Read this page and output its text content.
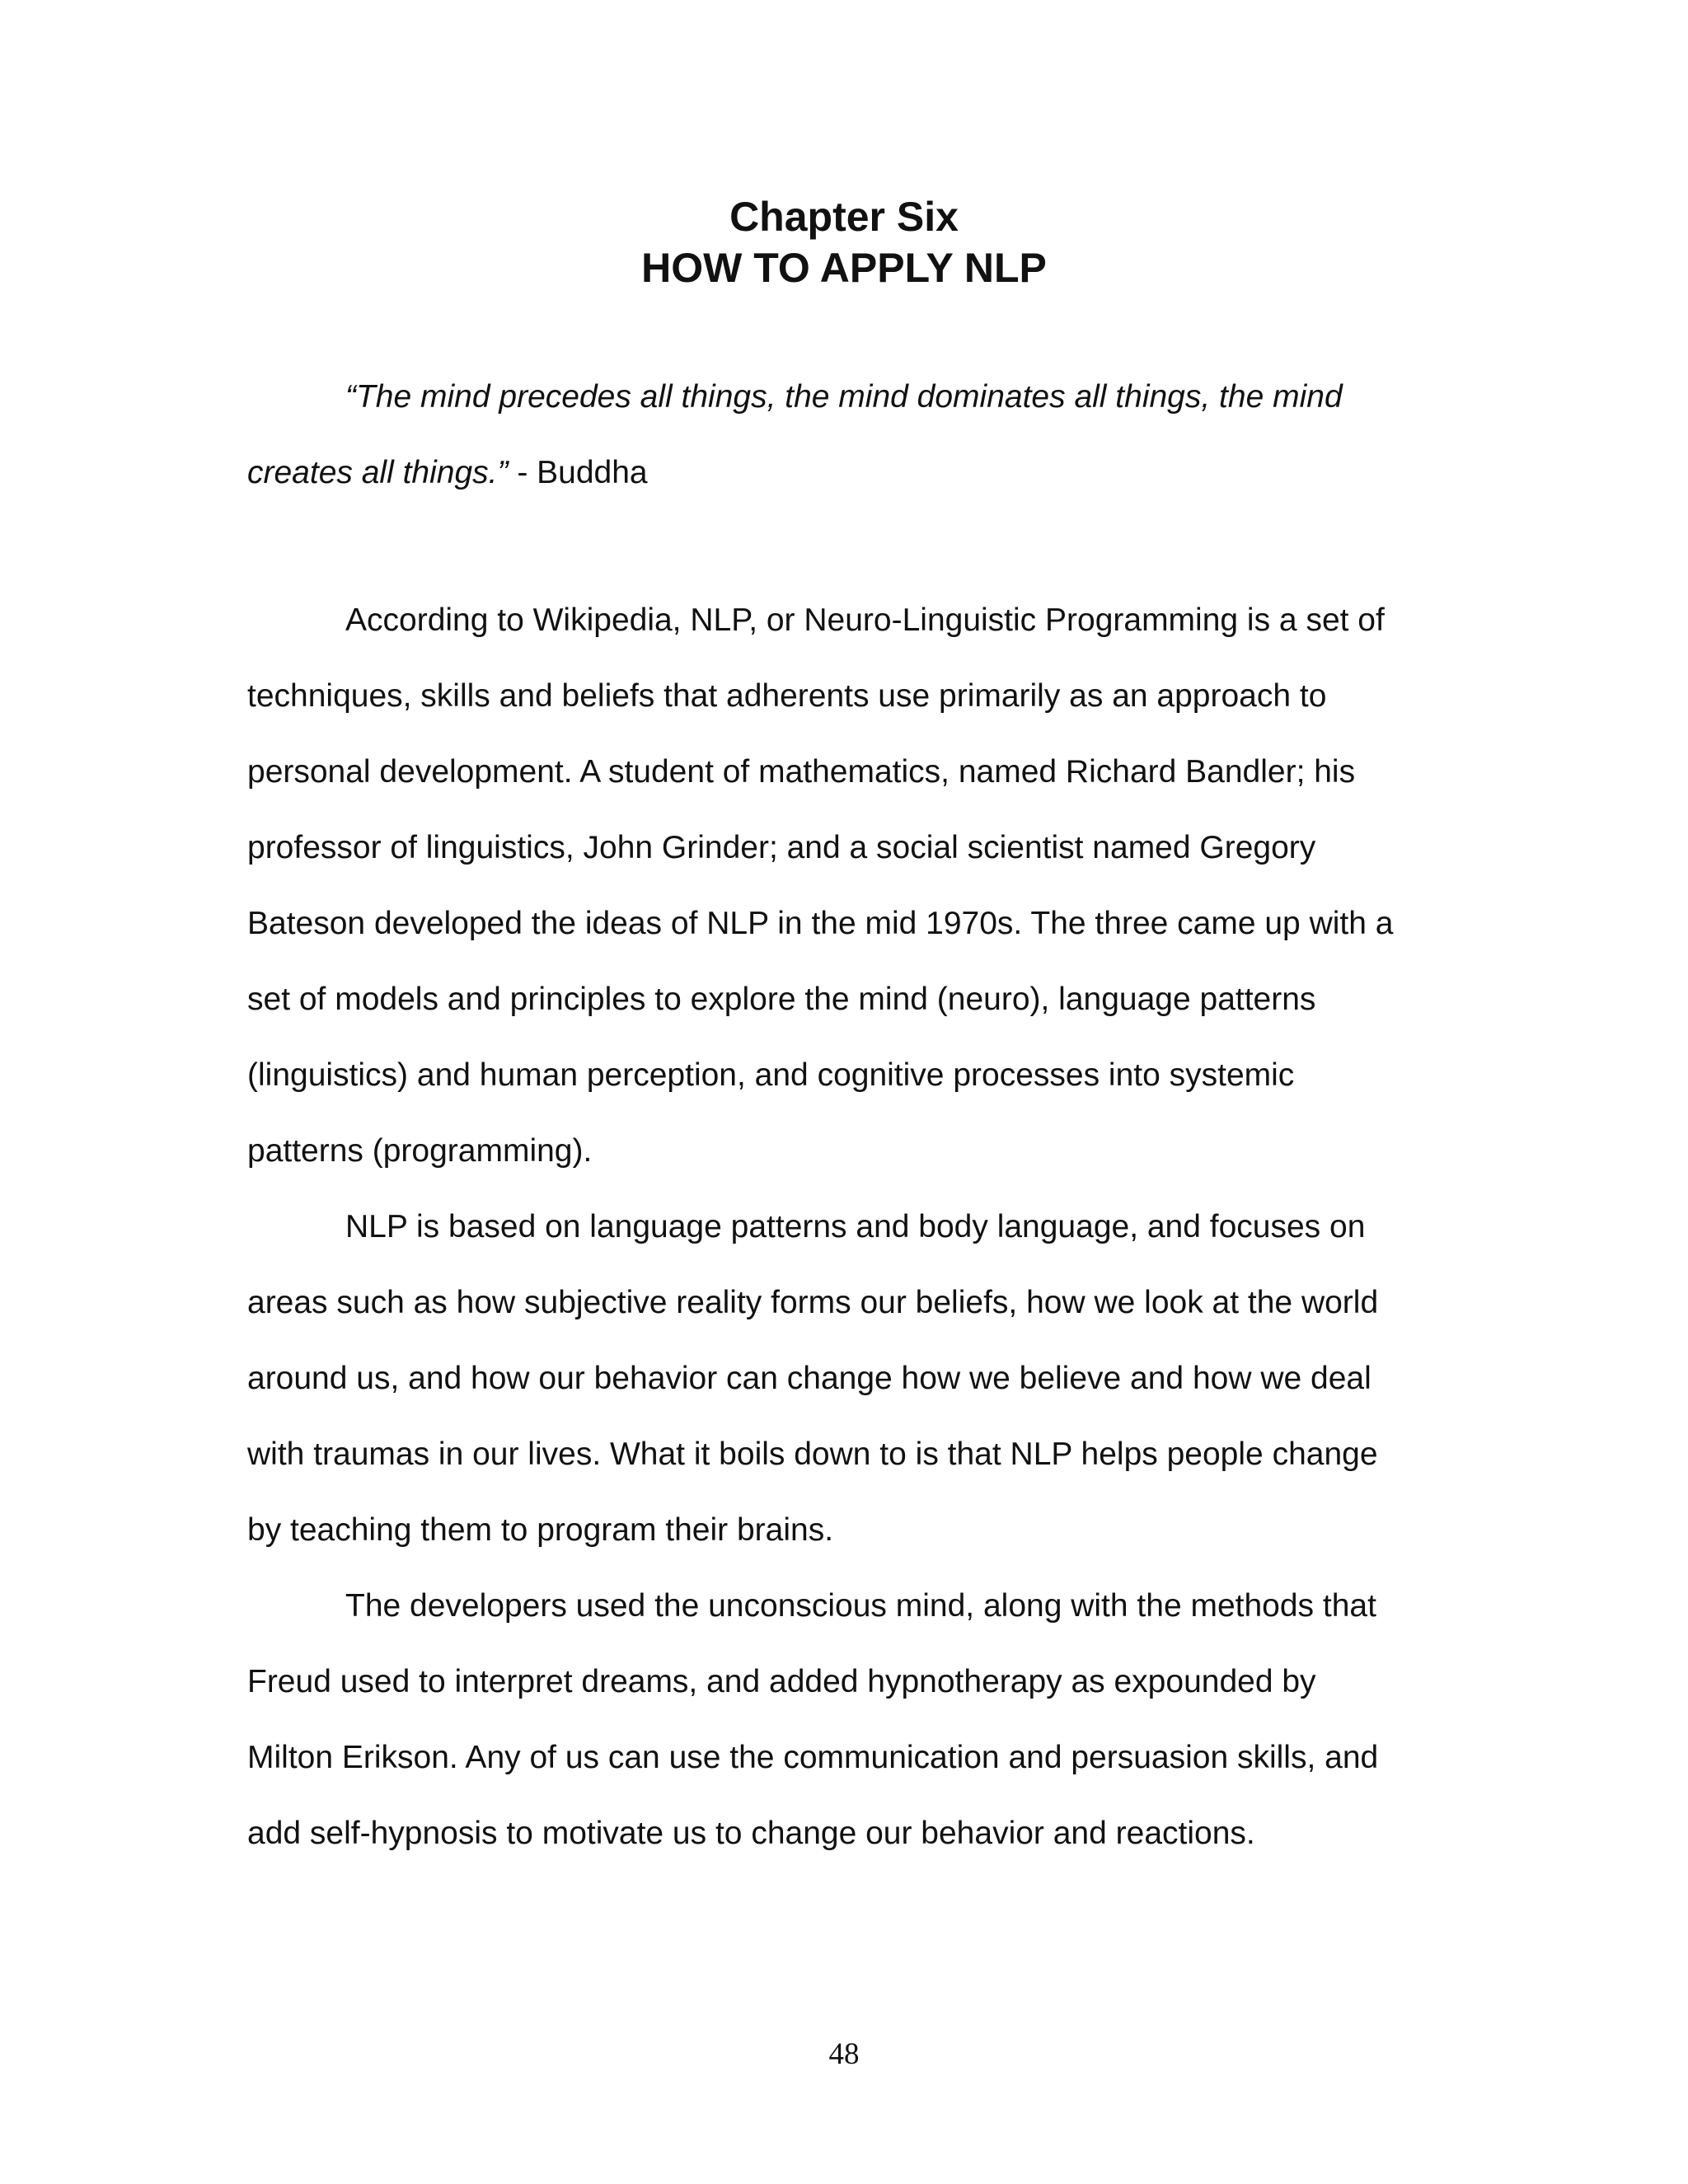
Chapter Six
HOW TO APPLY NLP
“The mind precedes all things, the mind dominates all things, the mind
creates all things.” - Buddha
According to Wikipedia, NLP, or Neuro-Linguistic Programming is a set of
techniques, skills and beliefs that adherents use primarily as an approach to
personal development. A student of mathematics, named Richard Bandler; his
professor of linguistics, John Grinder; and a social scientist named Gregory
Bateson developed the ideas of NLP in the mid 1970s. The three came up with a
set of models and principles to explore the mind (neuro), language patterns
(linguistics) and human perception, and cognitive processes into systemic
patterns (programming).
NLP is based on language patterns and body language, and focuses on
areas such as how subjective reality forms our beliefs, how we look at the world
around us, and how our behavior can change how we believe and how we deal
with traumas in our lives. What it boils down to is that NLP helps people change
by teaching them to program their brains.
The developers used the unconscious mind, along with the methods that
Freud used to interpret dreams, and added hypnotherapy as expounded by
Milton Erikson. Any of us can use the communication and persuasion skills, and
add self-hypnosis to motivate us to change our behavior and reactions.
48
